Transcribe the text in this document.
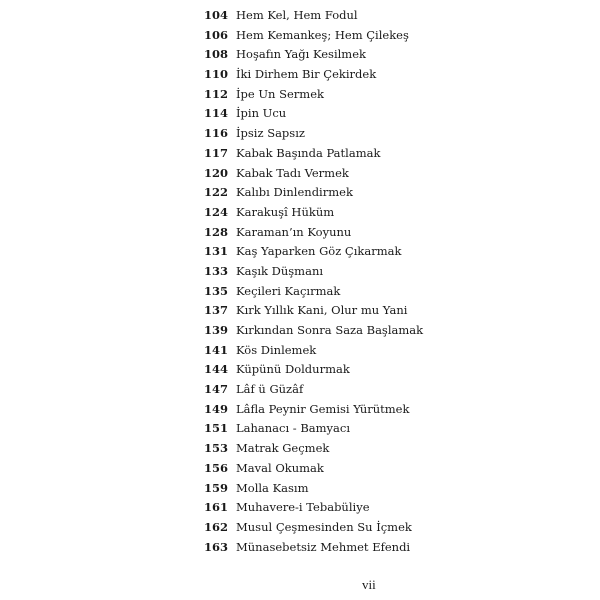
104 Hem Kel, Hem Fodul
106 Hem Kemankeş; Hem Çilekeş
108 Hoşafın Yağı Kesilmek
110 İki Dirhem Bir Çekirdek
112 İpe Un Sermek
114 İpin Ucu
116 İpsiz Sapsız
117 Kabak Başında Patlamak
120 Kabak Tadı Vermek
122 Kalıbı Dinlendirmek
124 Karakuşî Hüküm
128 Karaman’ın Koyunu
131 Kaş Yaparken Göz Çıkarmak
133 Kaşık Düşmanı
135 Keçileri Kaçırmak
137 Kırk Yıllık Kani, Olur mu Yani
139 Kırkından Sonra Saza Başlamak
141 Kös Dinlemek
144 Küpünü Doldurmak
147 Lâf ü Güzâf
149 Lâfla Peynir Gemisi Yürütmek
151 Lahanacı - Bamyacı
153 Matrak Geçmek
156 Maval Okumak
159 Molla Kasım
161 Muhavere-i Tebabüliye
162 Musul Çeşmesinden Su İçmek
163 Münasebetsiz Mehmet Efendi
vii
